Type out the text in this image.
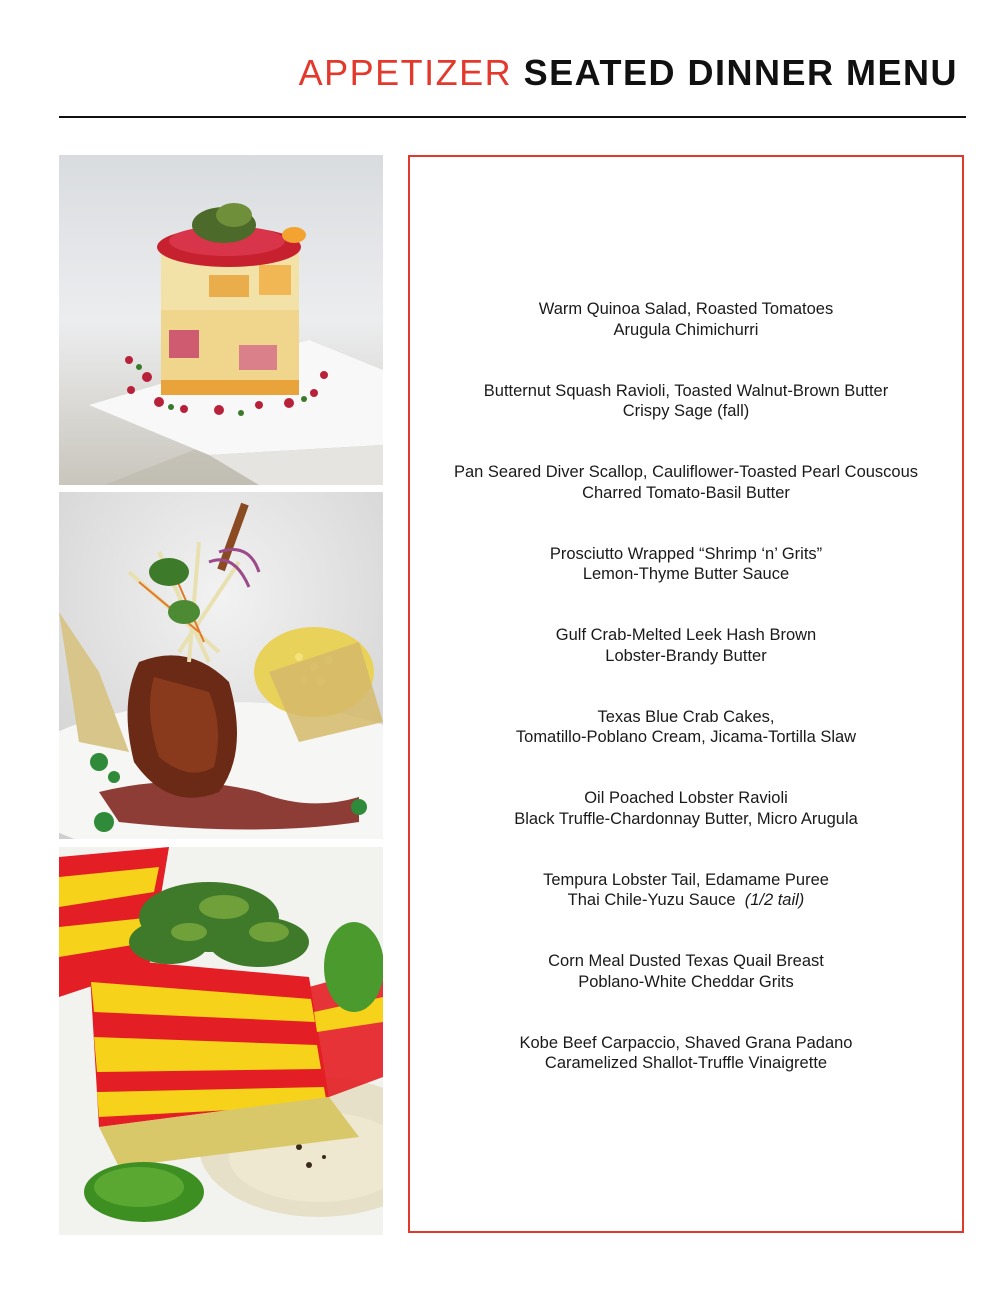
APPETIZER SEATED DINNER MENU
Warm Quinoa Salad, Roasted Tomatoes
Arugula Chimichurri
Butternut Squash Ravioli, Toasted Walnut-Brown Butter
Crispy Sage (fall)
Pan Seared Diver Scallop, Cauliflower-Toasted Pearl Couscous
Charred Tomato-Basil Butter
Prosciutto Wrapped “Shrimp ‘n’ Grits”
Lemon-Thyme Butter Sauce
Gulf Crab-Melted Leek Hash Brown
Lobster-Brandy Butter
Texas Blue Crab Cakes,
Tomatillo-Poblano Cream, Jicama-Tortilla Slaw
Oil Poached Lobster Ravioli
Black Truffle-Chardonnay Butter, Micro Arugula
Tempura Lobster Tail, Edamame Puree
Thai Chile-Yuzu Sauce (1/2 tail)
Corn Meal Dusted Texas Quail Breast
Poblano-White Cheddar Grits
Kobe Beef Carpaccio, Shaved Grana Padano
Caramelized Shallot-Truffle Vinaigrette
